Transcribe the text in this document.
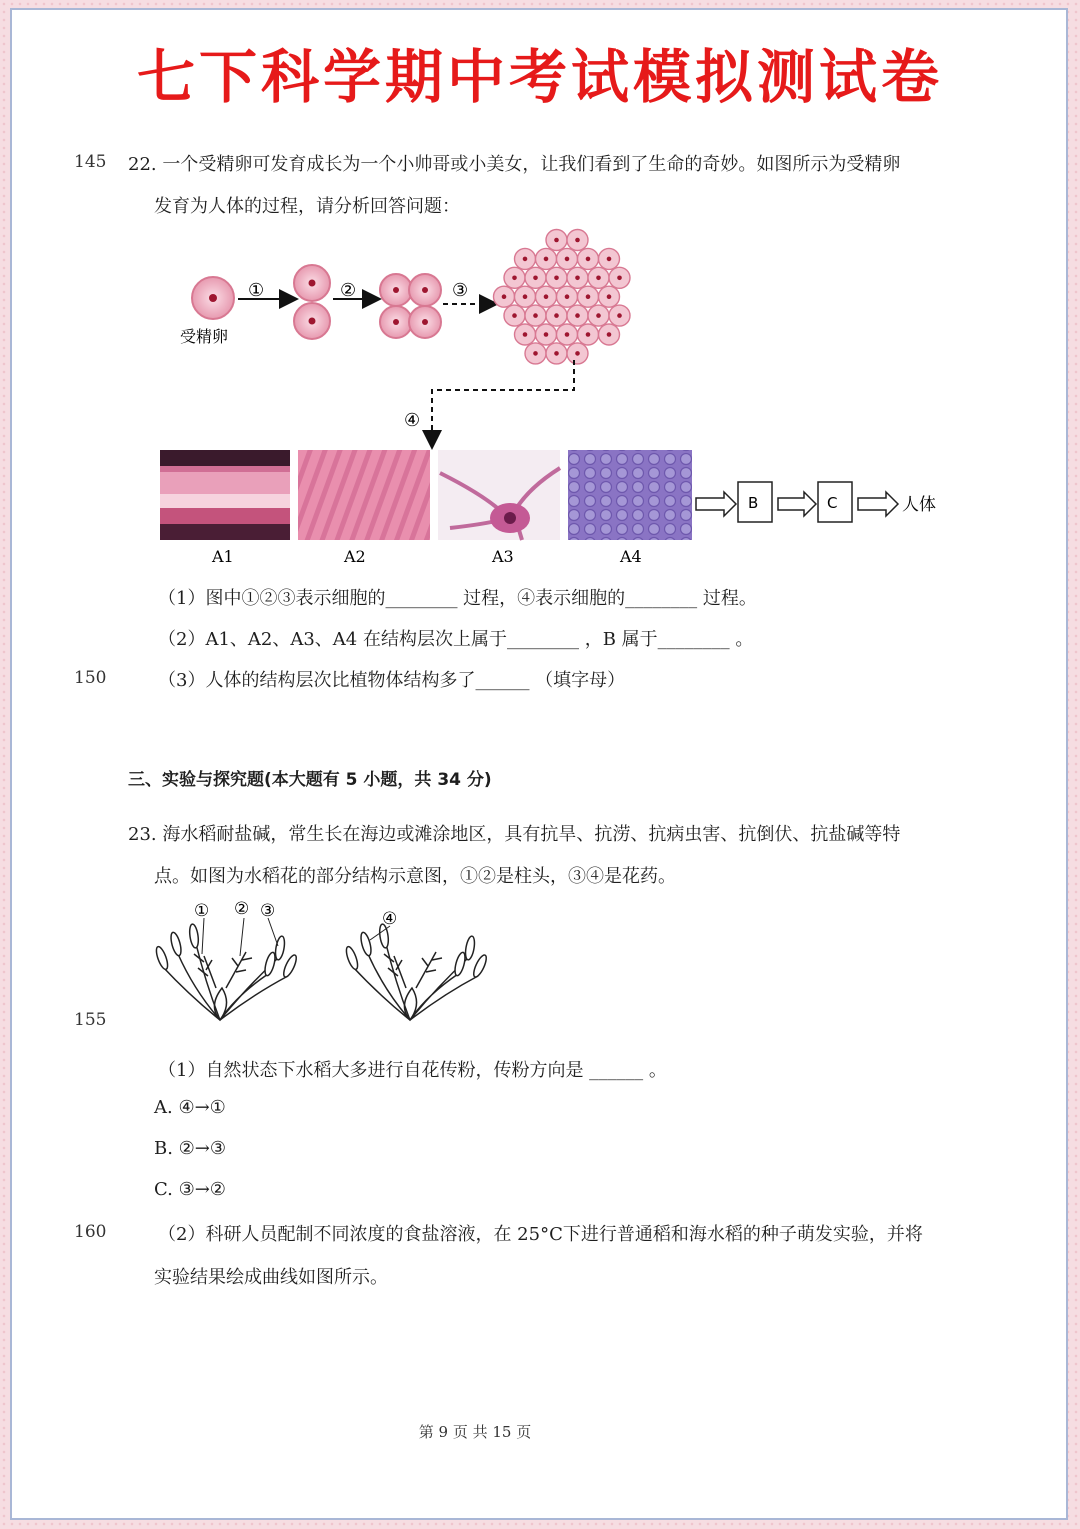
七下科学期中考试模拟测试卷
145
150
155
160
22. 一个受精卵可发育成长为一个小帅哥或小美女，让我们看到了生命的奇妙。如图所示为受精卵
发育为人体的过程，请分析回答问题：
受精卵
①	②	③
④
A1	A2	A3	A4
B	C	人体
（1）图中①②③表示细胞的________ 过程，④表示细胞的________ 过程。
（2）A1、A2、A3、A4 在结构层次上属于________ ，B 属于________ 。
（3）人体的结构层次比植物体结构多了______ （填字母）
三、实验与探究题(本大题有 5 小题，共 34 分)
23. 海水稻耐盐碱，常生长在海边或滩涂地区，具有抗旱、抗涝、抗病虫害、抗倒伏、抗盐碱等特
点。如图为水稻花的部分结构示意图，①②是柱头，③④是花药。
① ② ③	④
（1）自然状态下水稻大多进行自花传粉，传粉方向是 ______ 。
A. ④→①
B. ②→③
C. ③→②
（2）科研人员配制不同浓度的食盐溶液，在 25°C下进行普通稻和海水稻的种子萌发实验，并将
实验结果绘成曲线如图所示。
第 9 页 共 15 页
